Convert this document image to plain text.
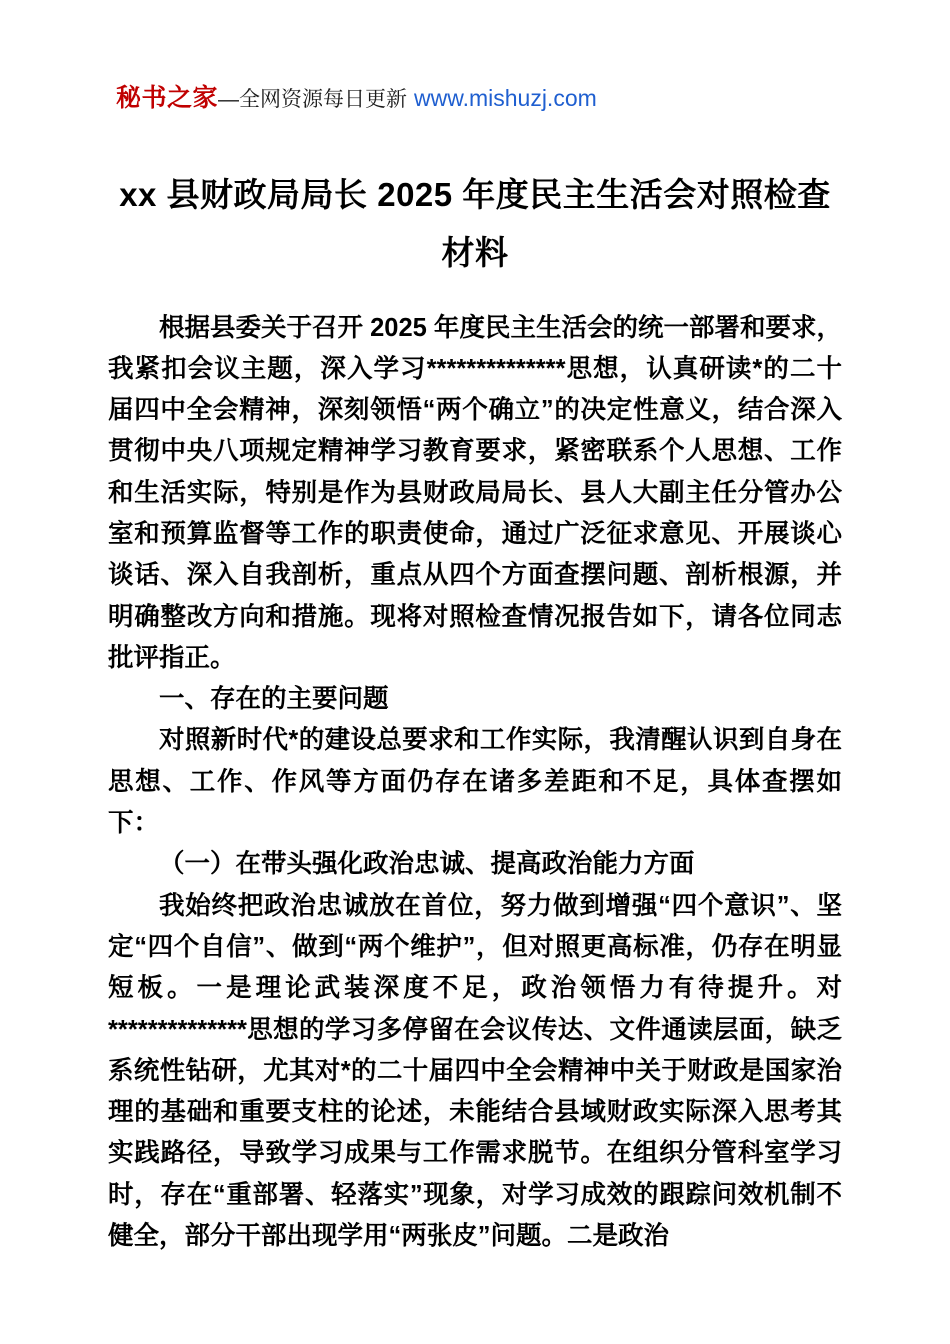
秘书之家 — 全网资源每日更新 www.mishuzj.com
xx 县财政局局长 2025 年度民主生活会对照检查材料

根据县委关于召开 2025 年度民主生活会的统一部署和要求，我紧扣会议主题，深入学习**************思想，认真研读*的二十届四中全会精神，深刻领悟“两个确立”的决定性意义，结合深入贯彻中央八项规定精神学习教育要求，紧密联系个人思想、工作和生活实际，特别是作为县财政局局长、县人大副主任分管办公室和预算监督等工作的职责使命，通过广泛征求意见、开展谈心谈话、深入自我剖析，重点从四个方面查摆问题、剖析根源，并明确整改方向和措施。现将对照检查情况报告如下，请各位同志批评指正。

一、存在的主要问题

对照新时代*的建设总要求和工作实际，我清醒认识到自身在思想、工作、作风等方面仍存在诸多差距和不足，具体查摆如下：

（一）在带头强化政治忠诚、提高政治能力方面

我始终把政治忠诚放在首位，努力做到增强“四个意识”、坚定“四个自信”、做到“两个维护”，但对照更高标准，仍存在明显短板。一是理论武装深度不足，政治领悟力有待提升。对**************思想的学习多停留在会议传达、文件通读层面，缺乏系统性钻研，尤其对*的二十届四中全会精神中关于财政是国家治理的基础和重要支柱的论述，未能结合县域财政实际深入思考其实践路径，导致学习成果与工作需求脱节。在组织分管科室学习时，存在“重部署、轻落实”现象，对学习成效的跟踪问效机制不健全，部分干部出现学用“两张皮”问题。二是政治
